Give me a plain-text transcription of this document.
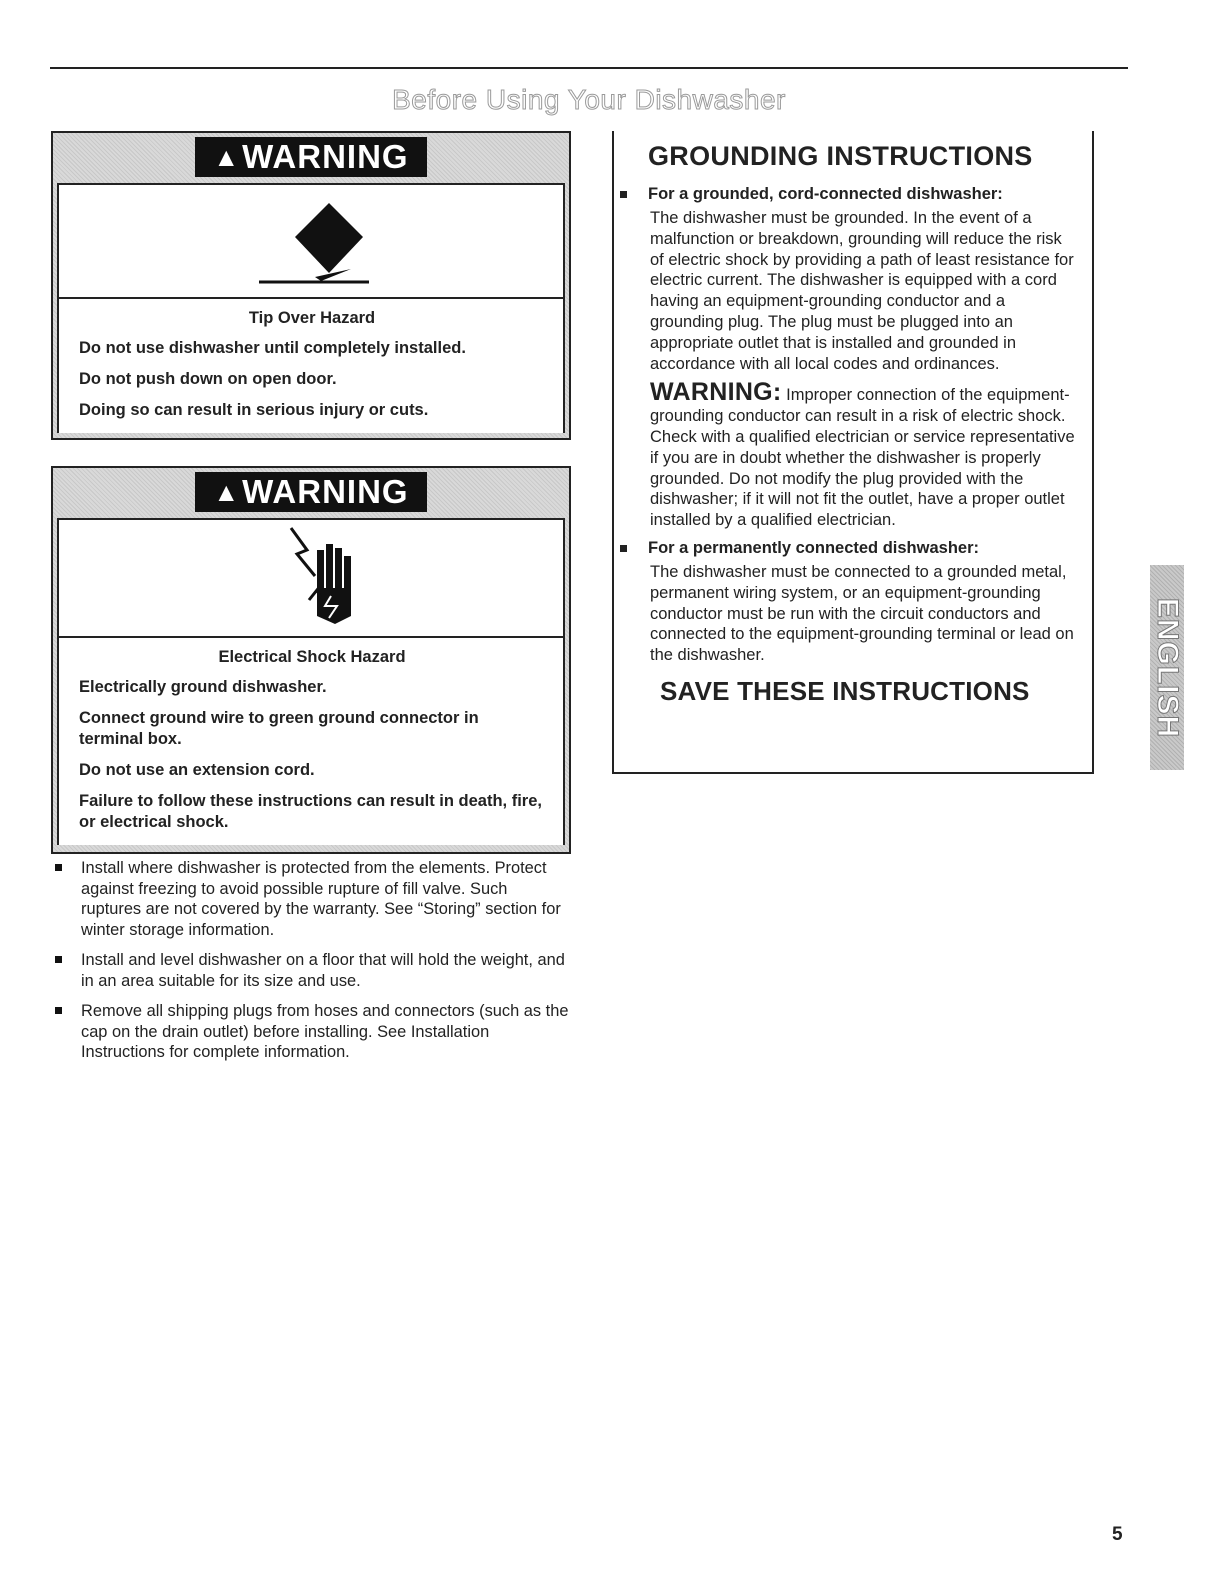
Before Using Your Dishwasher
▲WARNING
Tip Over Hazard

Do not use dishwasher until completely installed.

Do not push down on open door.

Doing so can result in serious injury or cuts.

▲WARNING
Electrical Shock Hazard

Electrically ground dishwasher.

Connect ground wire to green ground connector in terminal box.

Do not use an extension cord.

Failure to follow these instructions can result in death, fire, or electrical shock.

Install where dishwasher is protected from the elements. Protect against freezing to avoid possible rupture of fill valve. Such ruptures are not covered by the warranty. See “Storing” section for winter storage information.
Install and level dishwasher on a floor that will hold the weight, and in an area suitable for its size and use.
Remove all shipping plugs from hoses and connectors (such as the cap on the drain outlet) before installing. See Installation Instructions for complete information.
GROUNDING INSTRUCTIONS
For a grounded, cord-connected dishwasher:
The dishwasher must be grounded. In the event of a malfunction or breakdown, grounding will reduce the risk of electric shock by providing a path of least resistance for electric current. The dishwasher is equipped with a cord having an equipment-grounding conductor and a grounding plug. The plug must be plugged into an appropriate outlet that is installed and grounded in accordance with all local codes and ordinances.
WARNING: Improper connection of the equipment-grounding conductor can result in a risk of electric shock. Check with a qualified electrician or service representative if you are in doubt whether the dishwasher is properly grounded. Do not modify the plug provided with the dishwasher; if it will not fit the outlet, have a proper outlet installed by a qualified electrician.
For a permanently connected dishwasher:
The dishwasher must be connected to a grounded metal, permanent wiring system, or an equipment-grounding conductor must be run with the circuit conductors and connected to the equipment-grounding terminal or lead on the dishwasher.
SAVE THESE INSTRUCTIONS	ENGLISH
5
